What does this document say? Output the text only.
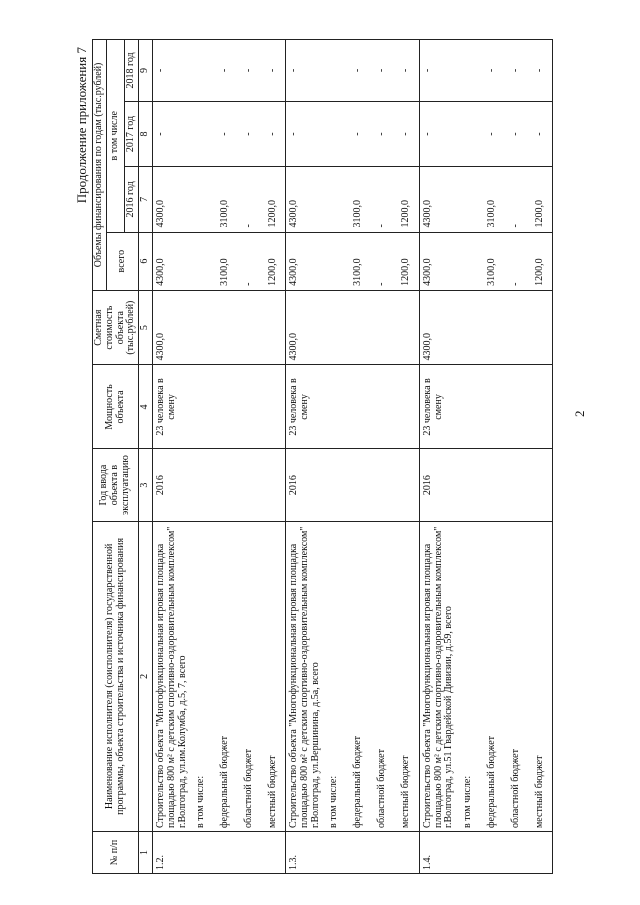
2
Продолжение приложения 7
№ п/п	Наименование исполнителя (соисполнителя) государственной программы, объекта строительства и источника финансирования	Год ввода объекта в эксплуатацию	Мощность объекта	Сметная стоимость объекта (тыс.рублей)	Объемы финансирования по годам (тыс.рублей)			
					всего	в том числе		
						2016 год	2017 год	2018 год
1	2	3	4	5	6	7	8	9
1.2.	Строительство объекта "Многофункциональная игровая площадка площадью 800 м² с детским спортивно-оздоровительным комплексом" г.Волгоград, ул.им.Колумба, д.5, 7, всего	2016	23 человека в смену	4300,0	4300,0	4300,0	-	-
	в том числе:							
	федеральный бюджет				3100,0	3100,0	-	-
	областной бюджет				-	-	-	-
	местный бюджет				1200,0	1200,0	-	-
1.3.	Строительство объекта "Многофункциональная игровая площадка площадью 800 м² с детским спортивно-оздоровительным комплексом" г.Волгоград, ул.Вершинина, д.5а, всего	2016	23 человека в смену	4300,0	4300,0	4300,0	-	-
	в том числе:							
	федеральный бюджет				3100,0	3100,0	-	-
	областной бюджет				-	-	-	-
	местный бюджет				1200,0	1200,0	-	-
1.4.	Строительство объекта "Многофункциональная игровая площадка площадью 800 м² с детским спортивно-оздоровительным комплексом" г.Волгоград, ул.51 Гвардейской Дивизии, д.59, всего	2016	23 человека в смену	4300,0	4300,0	4300,0	-	-
	в том числе:							
	федеральный бюджет				3100,0	3100,0	-	-
	областной бюджет				-	-	-	-
	местный бюджет				1200,0	1200,0	-	-
